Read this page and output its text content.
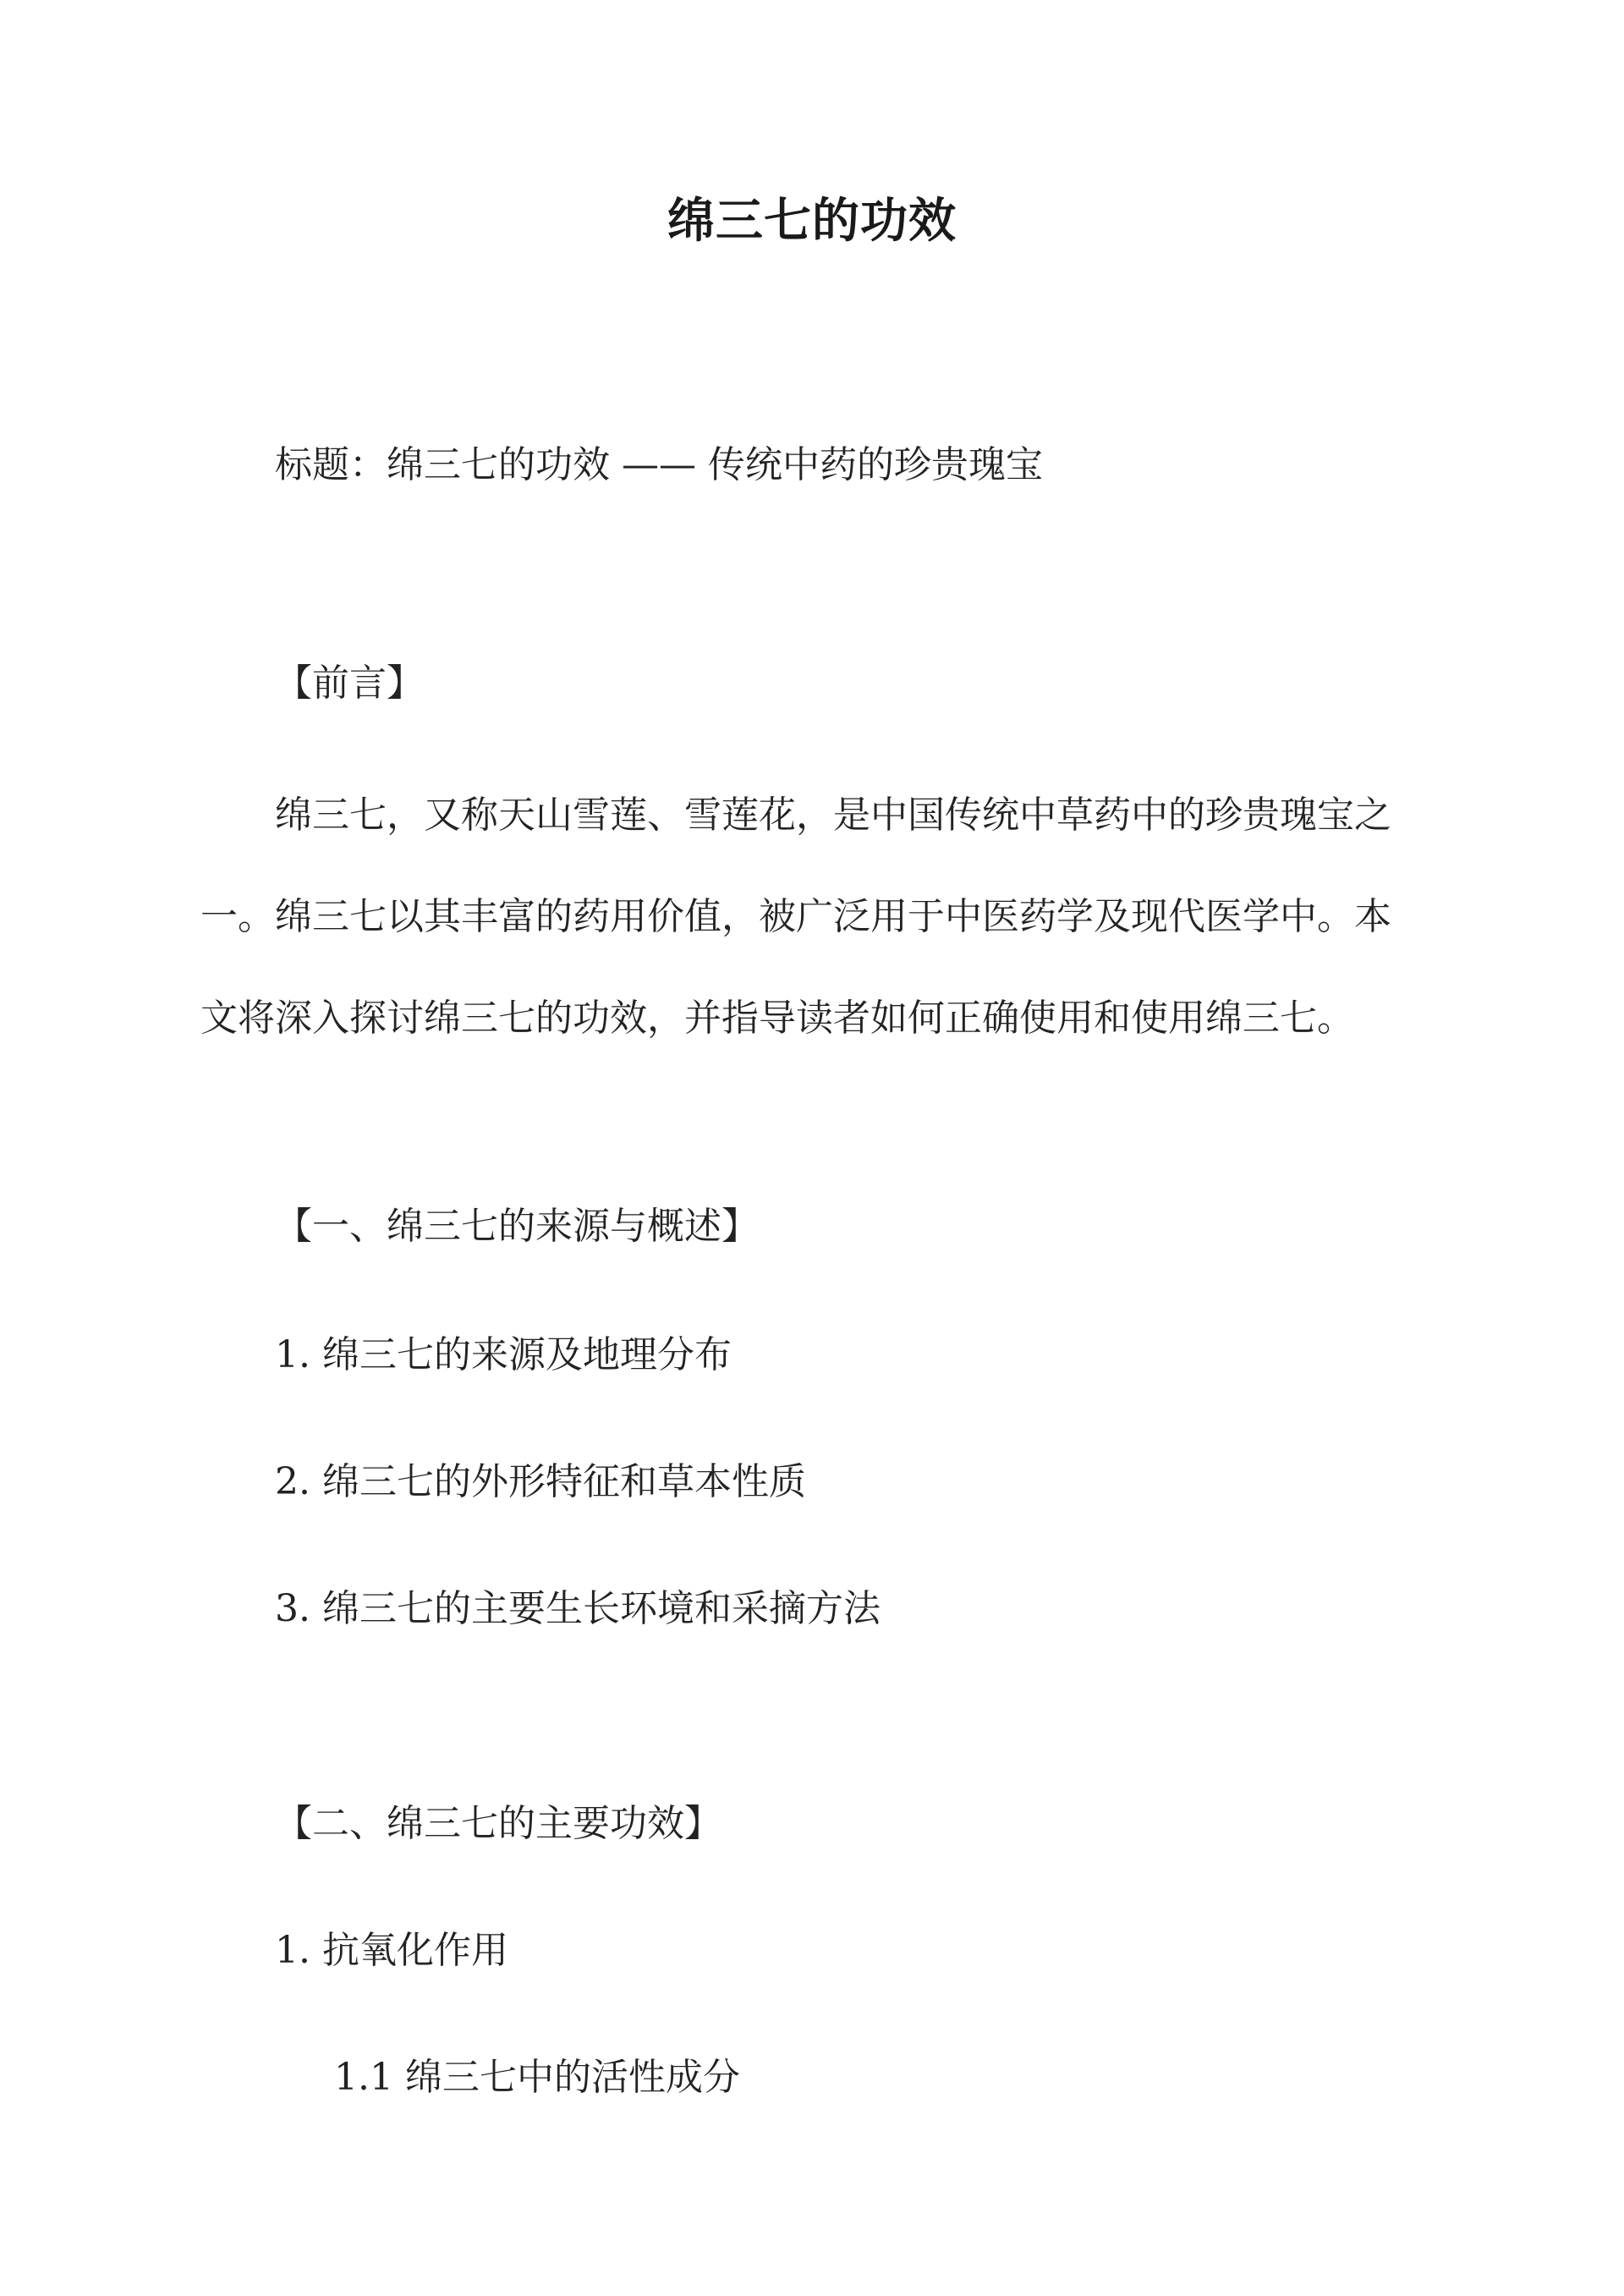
绵三七的功效
标题：绵三七的功效 —— 传统中药的珍贵瑰宝
【前言】
绵三七，又称天山雪莲、雪莲花，是中国传统中草药中的珍贵瑰宝之
一。绵三七以其丰富的药用价值，被广泛用于中医药学及现代医学中。本
文将深入探讨绵三七的功效，并指导读者如何正确使用和使用绵三七。
【一、绵三七的来源与概述】
1. 绵三七的来源及地理分布
2. 绵三七的外形特征和草本性质
3. 绵三七的主要生长环境和采摘方法
【二、绵三七的主要功效】
1. 抗氧化作用
1.1 绵三七中的活性成分
